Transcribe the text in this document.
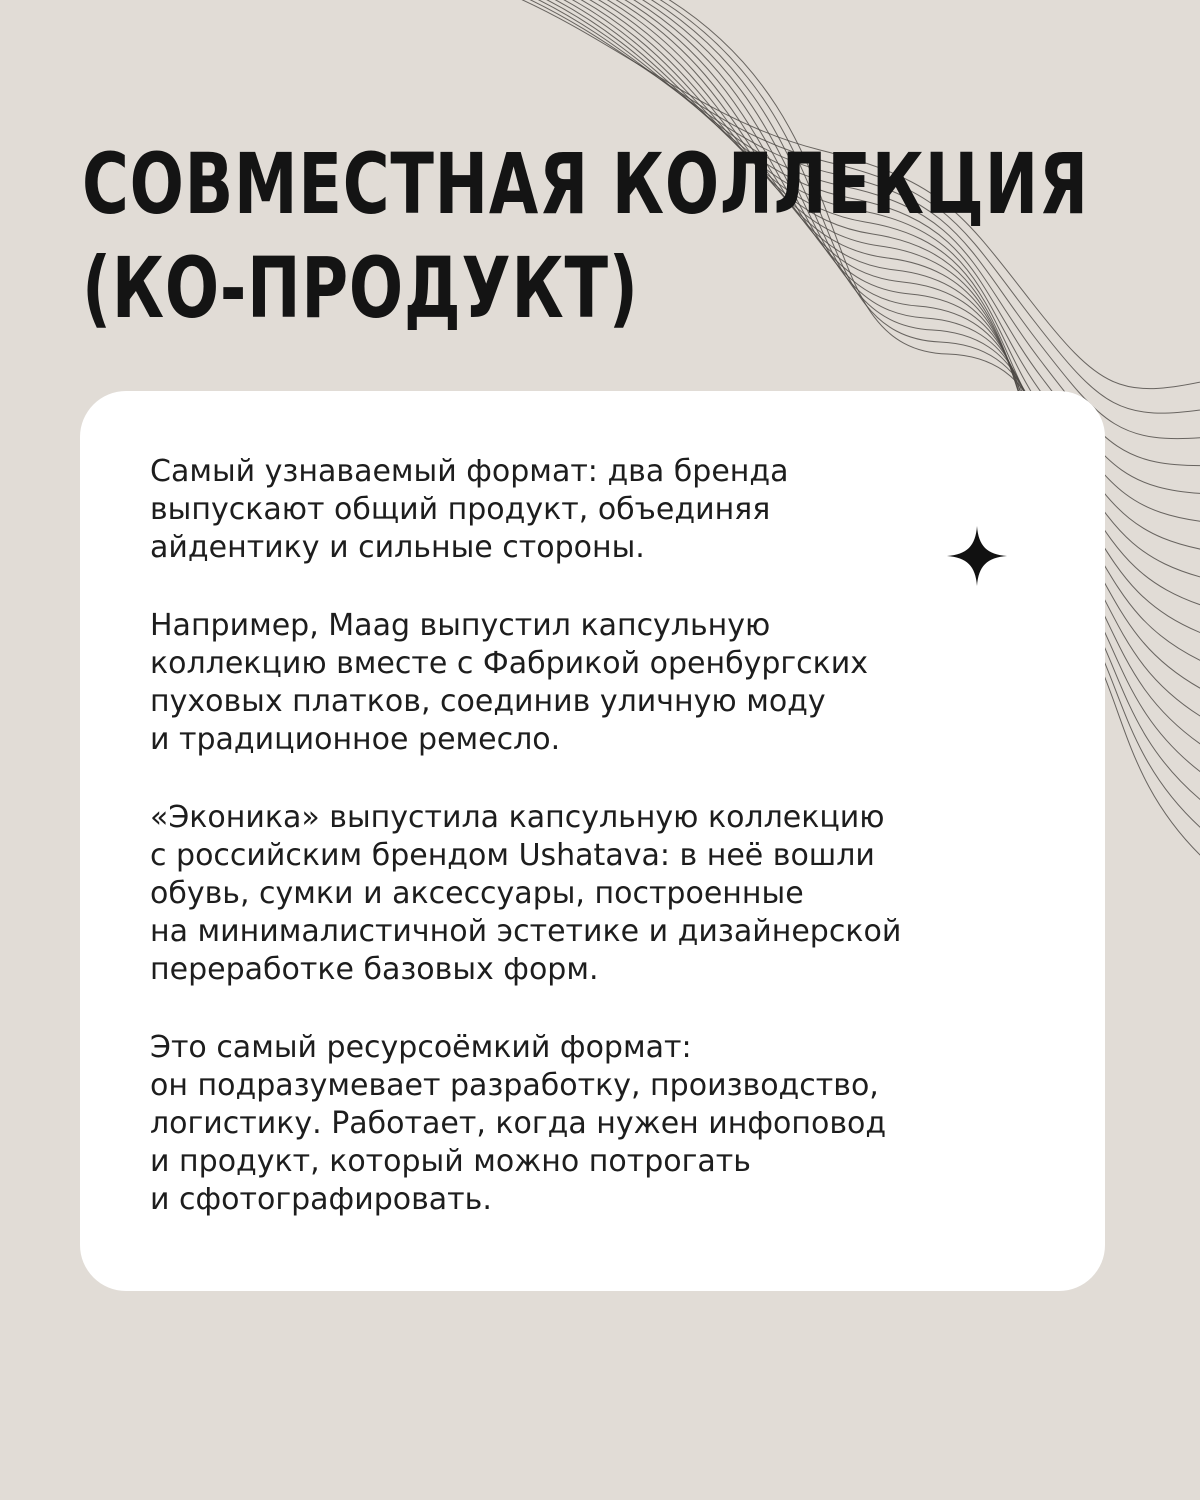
СОВМЕСТНАЯ КОЛЛЕКЦИЯ
(КО-ПРОДУКТ)

Самый узнаваемый формат: два бренда
выпускают общий продукт, объединяя
айдентику и сильные стороны.

Например, Maag выпустил капсульную
коллекцию вместе с Фабрикой оренбургских
пуховых платков, соединив уличную моду
и традиционное ремесло.

«Эконика» выпустила капсульную коллекцию
с российским брендом Ushatava: в неё вошли
обувь, сумки и аксессуары, построенные
на минималистичной эстетике и дизайнерской
переработке базовых форм.

Это самый ресурсоёмкий формат:
он подразумевает разработку, производство,
логистику. Работает, когда нужен инфоповод
и продукт, который можно потрогать
и сфотографировать.
